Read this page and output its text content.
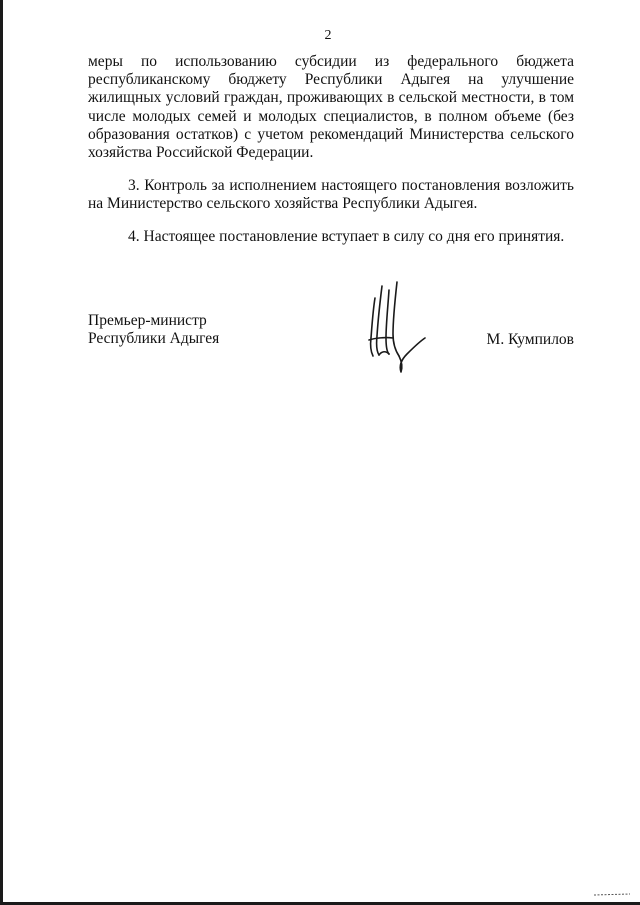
2
меры по использованию субсидии из федерального бюджета республиканскому бюджету Республики Адыгея на улучшение жилищных условий граждан, проживающих в сельской местности, в том числе молодых семей и молодых специалистов, в полном объеме (без образования остатков) с учетом рекомендаций Министерства сельского хозяйства Российской Федерации.
3. Контроль за исполнением настоящего постановления возложить на Министерство сельского хозяйства Республики Адыгея.
4. Настоящее постановление вступает в силу со дня его принятия.
Премьер-министр
Республики Адыгея	М. Кумпилов
